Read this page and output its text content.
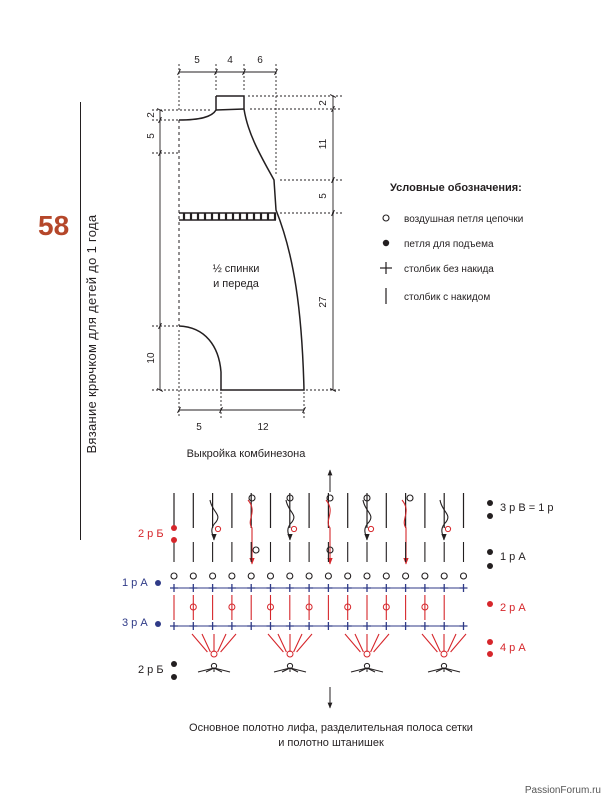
58 Вязание крючком для детей до 1 года	½ спинки
и переда
5	4 6
2
5
10
2
11
5
27
5	12
Выкройка комбинезона
Условные обозначения:
воздушная петля цепочки
петля для подъема
столбик без накида
столбик с накидом
3 р В = 1 р
1 р А
2 р А
4 р А
2 р Б
1 р А
3 р А
2 р Б
Основное полотно лифа, разделительная полоса сетки
и полотно штанишек
PassionForum.ru
